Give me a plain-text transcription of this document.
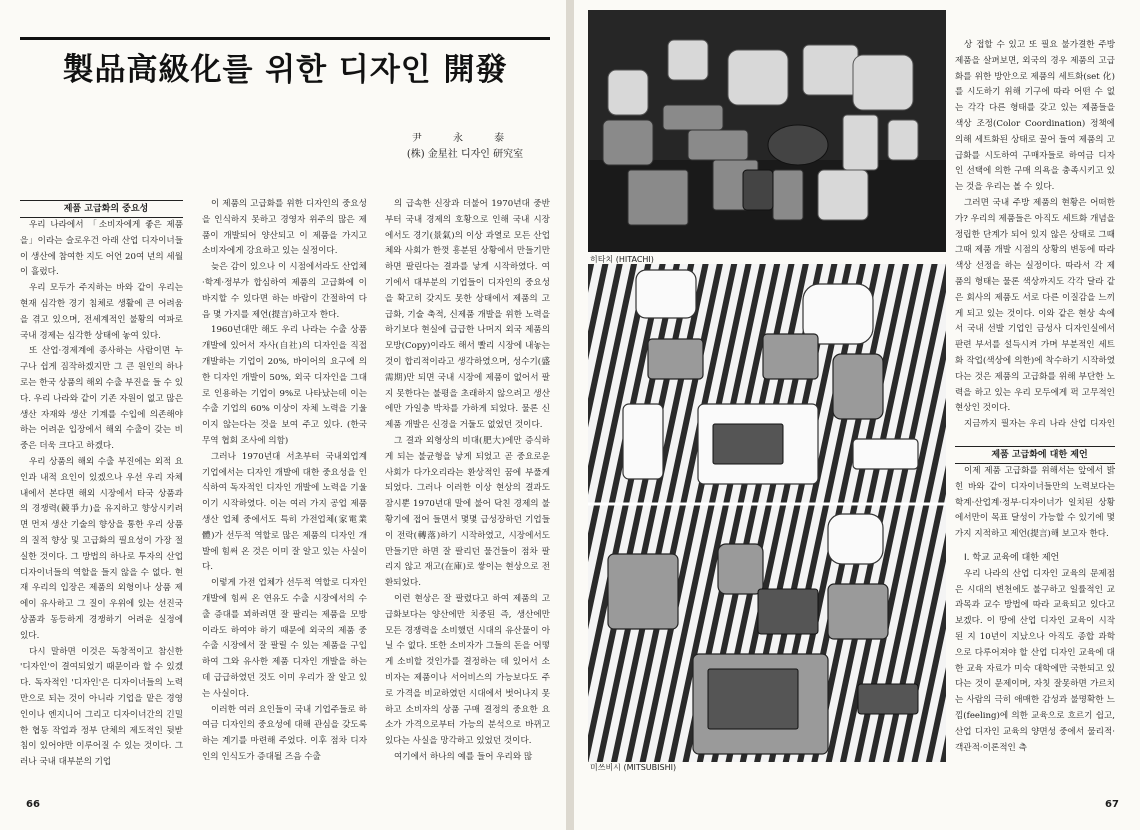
製品高級化를 위한 디자인 開發
尹 永 泰
(株) 金星社 디자인 研究室

제품 고급화의 중요성

우리 나라에서 「소비자에게 좋은 제품을」이라는 슬로우건 아래 산업 디자이너들이 생산에 참여한 지도 어언 20여 년의 세월이 흘렀다.

우리 모두가 주지하는 바와 같이 우리는 현재 심각한 경기 침체로 생활에 큰 어려움을 겪고 있으며, 전세계적인 불황의 여파로 국내 경제는 심각한 상태에 놓여 있다.

또 산업·경제계에 종사하는 사람이면 누구나 쉽게 짐작하겠지만 그 큰 원인의 하나로는 한국 상품의 해외 수출 부진을 들 수 있다. 우리 나라와 같이 기존 자원이 없고 많은 생산 자재와 생산 기계를 수입에 의존해야 하는 어려운 입장에서 해외 수출이 갖는 비중은 더욱 크다고 하겠다.

우리 상품의 해외 수출 부진에는 외적 요인과 내적 요인이 있겠으나 우선 우리 자체 내에서 본다면 해외 시장에서 타국 상품과의 경쟁력(競爭力)을 유지하고 향상시키려면 먼저 생산 기술의 향상을 통한 우리 상품의 질적 향상 및 고급화의 필요성이 가장 절실한 것이다. 그 방법의 하나로 투자의 산업 디자이너들의 역할을 들지 않을 수 없다. 현재 우리의 입장은 제품의 외형이나 상품 제에이 유사하고 그 질이 우위에 있는 선진국 상품과 동등하게 경쟁하기 어려운 실정에 있다.

다시 말하면 이것은 독창적이고 참신한 '디자인'이 결여되었기 때문이라 할 수 있겠다. 독자적인 '디자인'은 디자이너들의 노력만으로 되는 것이 아니라 기업을 맡은 경영인이나 엔지니어 그리고 디자이너간의 긴밀한 협동 작업과 정부 단체의 제도적인 뒷받침이 있어야만 이루어질 수 있는 것이다. 그러나 국내 대부분의 기업

이 제품의 고급화를 위한 디자인의 중요성을 인식하지 못하고 경영자 위주의 많은 제품이 개발되어 양산되고 이 제품을 가지고 소비자에게 강요하고 있는 실정이다.

늦은 감이 있으나 이 시점에서라도 산업체·학계·정부가 합심하여 제품의 고급화에 이바지할 수 있다면 하는 바람이 간절하여 다음 몇 가지를 제언(提言)하고자 한다.

1960년대만 해도 우리 나라는 수출 상품 개발에 있어서 자사(自社)의 디자인을 직접 개발하는 기업이 20%, 바이어의 요구에 의한 디자인 개발이 50%, 외국 디자인을 그대로 인용하는 기업이 9%로 나타났는데 이는 수출 기업의 60% 이상이 자체 노력을 기울이지 않는다는 것을 보여 주고 있다. (한국 무역 협회 조사에 의함)

그러나 1970년대 서초부터 국내외업계 기업에서는 디자인 개발에 대한 중요성을 인식하여 독자적인 디자인 개발에 노력을 기울이기 시작하였다. 이는 여러 가지 공업 제품 생산 업체 중에서도 특히 가전업체(家電業體)가 선두적 역할로 많은 제품의 디자인 개발에 힘써 온 것은 이미 잘 알고 있는 사실이다.

이렇게 가전 업체가 선두적 역할로 디자인 개발에 힘써 온 연유도 수출 시장에서의 수출 증대를 꾀하려면 잘 팔리는 제품을 모방이라도 하여야 하기 때문에 외국의 제품 중 수출 시장에서 잘 팔릴 수 있는 제품을 구입하여 그와 유사한 제품 디자인 개발을 하는 데 급급하였던 것도 이미 우리가 잘 알고 있는 사실이다.

이러한 여러 요인들이 국내 기업주들로 하여금 디자인의 중요성에 대해 관심을 갖도록 하는 계기를 마련해 주었다. 이후 점차 디자인의 인식도가 증대될 즈음 수출

의 급속한 신장과 더불어 1970년대 중반부터 국내 경제의 호황으로 인해 국내 시장에서도 경기(景氣)의 이상 과열로 모든 산업체와 사회가 한껏 흥분된 상황에서 만들기만 하면 팔린다는 결과를 낳게 시작하였다. 여기에서 대부분의 기업들이 디자인의 중요성을 확고히 갖지도 못한 상태에서 제품의 고급화, 기술 축적, 신제품 개발을 위한 노력을 하기보다 현실에 급급한 나머지 외국 제품의 모방(Copy)이라도 해서 빨리 시장에 내놓는 것이 합리적이라고 생각하였으며, 성수기(盛需期)만 되면 국내 시장에 제품이 없어서 팔지 못한다는 불평을 초래하지 않으려고 생산에만 가일층 박차를 가하게 되었다. 물론 신제품 개발은 신경을 거둘도 없었던 것이다.

그 결과 외형상의 비대(肥大)에만 증식하게 되는 불균형을 낳게 되었고 곧 중요로운 사회가 다가오리라는 환상적인 꿈에 부풀게 되었다. 그러나 이러한 이상 현상의 결과도 잠시뿐 1970년대 말에 불어 닥친 경제의 불황기에 접어 들면서 몇몇 급성장하던 기업들이 전락(轉落)하기 시작하였고, 시장에서도 만들기만 하면 잘 팔리던 물건들이 점차 팔리지 않고 재고(在庫)로 쌓이는 현상으로 전환되었다.

이런 현상은 잘 팔렸다고 하여 제품의 고급화보다는 양산에만 치중된 즉, 생산에만 모든 경쟁력을 소비했던 시대의 유산물이 아닐 수 없다. 또한 소비자가 그들의 돈을 어떻게 소비할 것인가를 결정하는 데 있어서 소비자는 제품이나 서어비스의 가능보다도 주로 가격을 비교하였던 시대에서 벗어나지 못하고 소비자의 상품 구매 결정의 중요한 요소가 가격으로부터 가능의 분석으로 바뀌고 있다는 사실을 망각하고 있었던 것이다.

여기에서 하나의 예를 들어 우리와 많

66	67
히타치 (HITACHI)
미쓰비시 (MITSUBISHI)

상 접할 수 있고 또 필요 불가결한 주방 제품을 살펴보면, 외국의 경우 제품의 고급화를 위한 방안으로 제품의 세트화(set 化)를 시도하기 위해 기구에 따라 어떤 수 없는 각각 다른 형태를 갖고 있는 제품들을 색상 조정(Color Coordination) 정책에 의해 세트화된 상태로 꿀어 들여 제품의 고급화를 시도하여 구매자들로 하여금 디자인 선택에 의한 구매 의욕을 충족시키고 있는 것을 우리는 볼 수 있다.

그러면 국내 주방 제품의 현황은 어떠한가? 우리의 제품들은 아직도 세트화 개념을 정립한 단계가 되어 있지 않은 상태로 그때 그때 제품 개발 시점의 상황의 변동에 따라 색상 선정을 하는 실정이다. 따라서 각 제품의 형태는 물론 색상까지도 각각 달라 같은 회사의 제품도 서로 다른 이질감을 느끼게 되고 있는 것이다. 이와 같은 현상 속에서 국내 선발 기업인 금성사 디자인실에서 판련 부서를 설득시켜 가며 부분적인 세트화 작업(색상에 의한)에 착수하기 시작하였다는 것은 제품의 고급화를 위해 부단한 노력을 하고 있는 우리 모두에게 퍽 고무적인 현상인 것이다.

지금까지 필자는 우리 나라 산업 디자인

제품 고급화에 대한 제언

이제 제품 고급화를 위해서는 앞에서 밝힌 바와 같이 디자이너들만의 노력보다는 학계·산업계·정부·디자이너가 일치된 상황에서만이 목표 달성이 가능할 수 있기에 몇 가지 지적하고 제언(提言)해 보고자 한다.

I. 학교 교육에 대한 제언

우리 나라의 산업 디자인 교육의 문제점은 시대의 변천에도 불구하고 일률적인 교과목과 교수 방법에 따라 교육되고 있다고 보겠다. 이 땅에 산업 디자인 교육이 시작된 지 10년이 지났으나 아직도 종합 과학으로 다루어져야 할 산업 디자인 교육에 대한 교육 자료가 미숙 대학에만 국한되고 있다는 것이 문제이며, 자칫 잘못하면 가르치는 사람의 극히 애매한 감성과 불명확한 느낌(feeling)에 의한 교육으로 흐르기 쉽고, 산업 디자인 교육의 양면성 중에서 물리적·객관적·이론적인 측
